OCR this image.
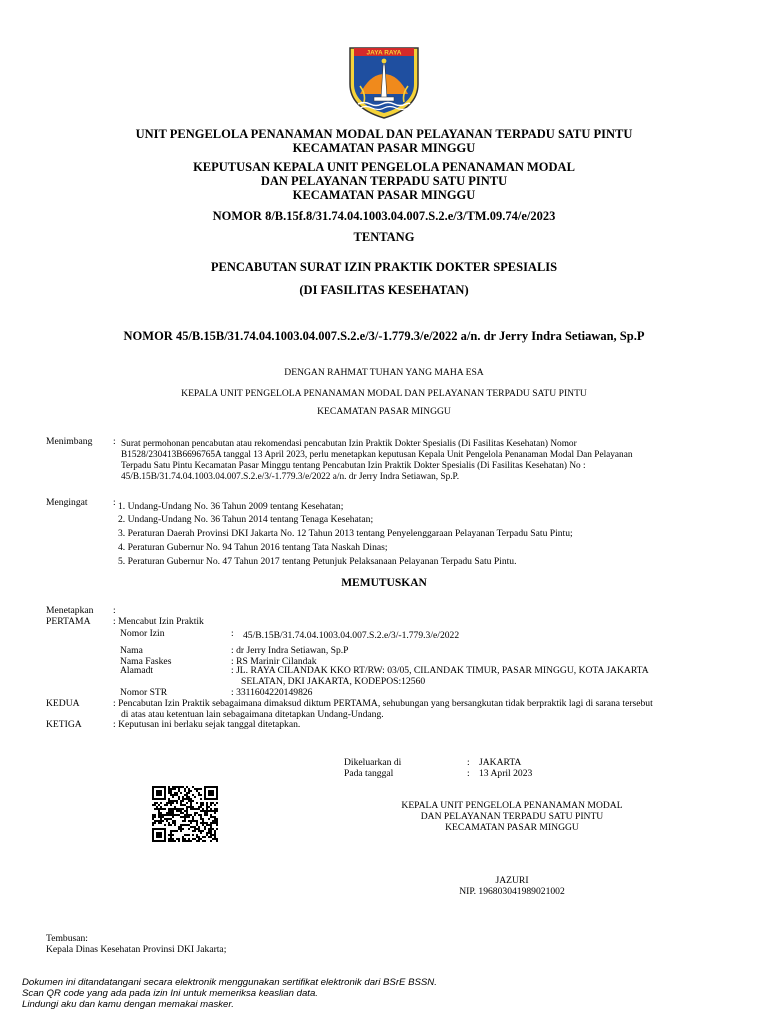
JAYA RAYA
UNIT PENGELOLA PENANAMAN MODAL DAN PELAYANAN TERPADU SATU PINTU
KECAMATAN PASAR MINGGU
KEPUTUSAN KEPALA UNIT PENGELOLA PENANAMAN MODAL
DAN PELAYANAN TERPADU SATU PINTU
KECAMATAN PASAR MINGGU
NOMOR 8/B.15f.8/31.74.04.1003.04.007.S.2.e/3/TM.09.74/e/2023
TENTANG
PENCABUTAN SURAT IZIN PRAKTIK DOKTER SPESIALIS
(DI FASILITAS KESEHATAN)
NOMOR 45/B.15B/31.74.04.1003.04.007.S.2.e/3/-1.779.3/e/2022 a/n. dr Jerry Indra Setiawan, Sp.P
DENGAN RAHMAT TUHAN YANG MAHA ESA
KEPALA UNIT PENGELOLA PENANAMAN MODAL DAN PELAYANAN TERPADU SATU PINTU
KECAMATAN PASAR MINGGU
Menimbang : Surat permohonan pencabutan atau rekomendasi pencabutan Izin Praktik Dokter Spesialis (Di Fasilitas Kesehatan) Nomor
B1528/230413B6696765A tanggal 13 April 2023, perlu menetapkan keputusan Kepala Unit Pengelola Penanaman Modal Dan Pelayanan
Terpadu Satu Pintu Kecamatan Pasar Minggu tentang Pencabutan Izin Praktik Dokter Spesialis (Di Fasilitas Kesehatan) No :
45/B.15B/31.74.04.1003.04.007.S.2.e/3/-1.779.3/e/2022 a/n. dr Jerry Indra Setiawan, Sp.P.
Mengingat	: 1. Undang-Undang No. 36 Tahun 2009 tentang Kesehatan;
2. Undang-Undang No. 36 Tahun 2014 tentang Tenaga Kesehatan;
3. Peraturan Daerah Provinsi DKI Jakarta No. 12 Tahun 2013 tentang Penyelenggaraan Pelayanan Terpadu Satu Pintu;
4. Peraturan Gubernur No. 94 Tahun 2016 tentang Tata Naskah Dinas;
5. Peraturan Gubernur No. 47 Tahun 2017 tentang Petunjuk Pelaksanaan Pelayanan Terpadu Satu Pintu.
MEMUTUSKAN
Menetapkan :
PERTAMA : Mencabut Izin Praktik
Nomor Izin	: 45/B.15B/31.74.04.1003.04.007.S.2.e/3/-1.779.3/e/2022
Nama	: dr Jerry Indra Setiawan, Sp.P
Nama Faskes	: RS Marinir Cilandak
Alamadt	: JL. RAYA CILANDAK KKO RT/RW: 03/05, CILANDAK TIMUR, PASAR MINGGU, KOTA JAKARTA
SELATAN, DKI JAKARTA, KODEPOS:12560
Nomor STR	: 3311604220149826
KEDUA	: Pencabutan Izin Praktik sebagaimana dimaksud diktum PERTAMA, sehubungan yang bersangkutan tidak berpraktik lagi di sarana tersebut
di atas atau ketentuan lain sebagaimana ditetapkan Undang-Undang.
KETIGA	: Keputusan ini berlaku sejak tanggal ditetapkan.
Dikeluarkan di	: JAKARTA
Pada tanggal	: 13 April 2023
KEPALA UNIT PENGELOLA PENANAMAN MODAL
DAN PELAYANAN TERPADU SATU PINTU
KECAMATAN PASAR MINGGU
JAZURI
NIP. 196803041989021002
Tembusan:
Kepala Dinas Kesehatan Provinsi DKI Jakarta;
Dokumen ini ditandatangani secara elektronik menggunakan sertifikat elektronik dari BSrE BSSN.
Scan QR code yang ada pada izin Ini untuk memeriksa keaslian data.
Lindungi aku dan kamu dengan memakai masker.
